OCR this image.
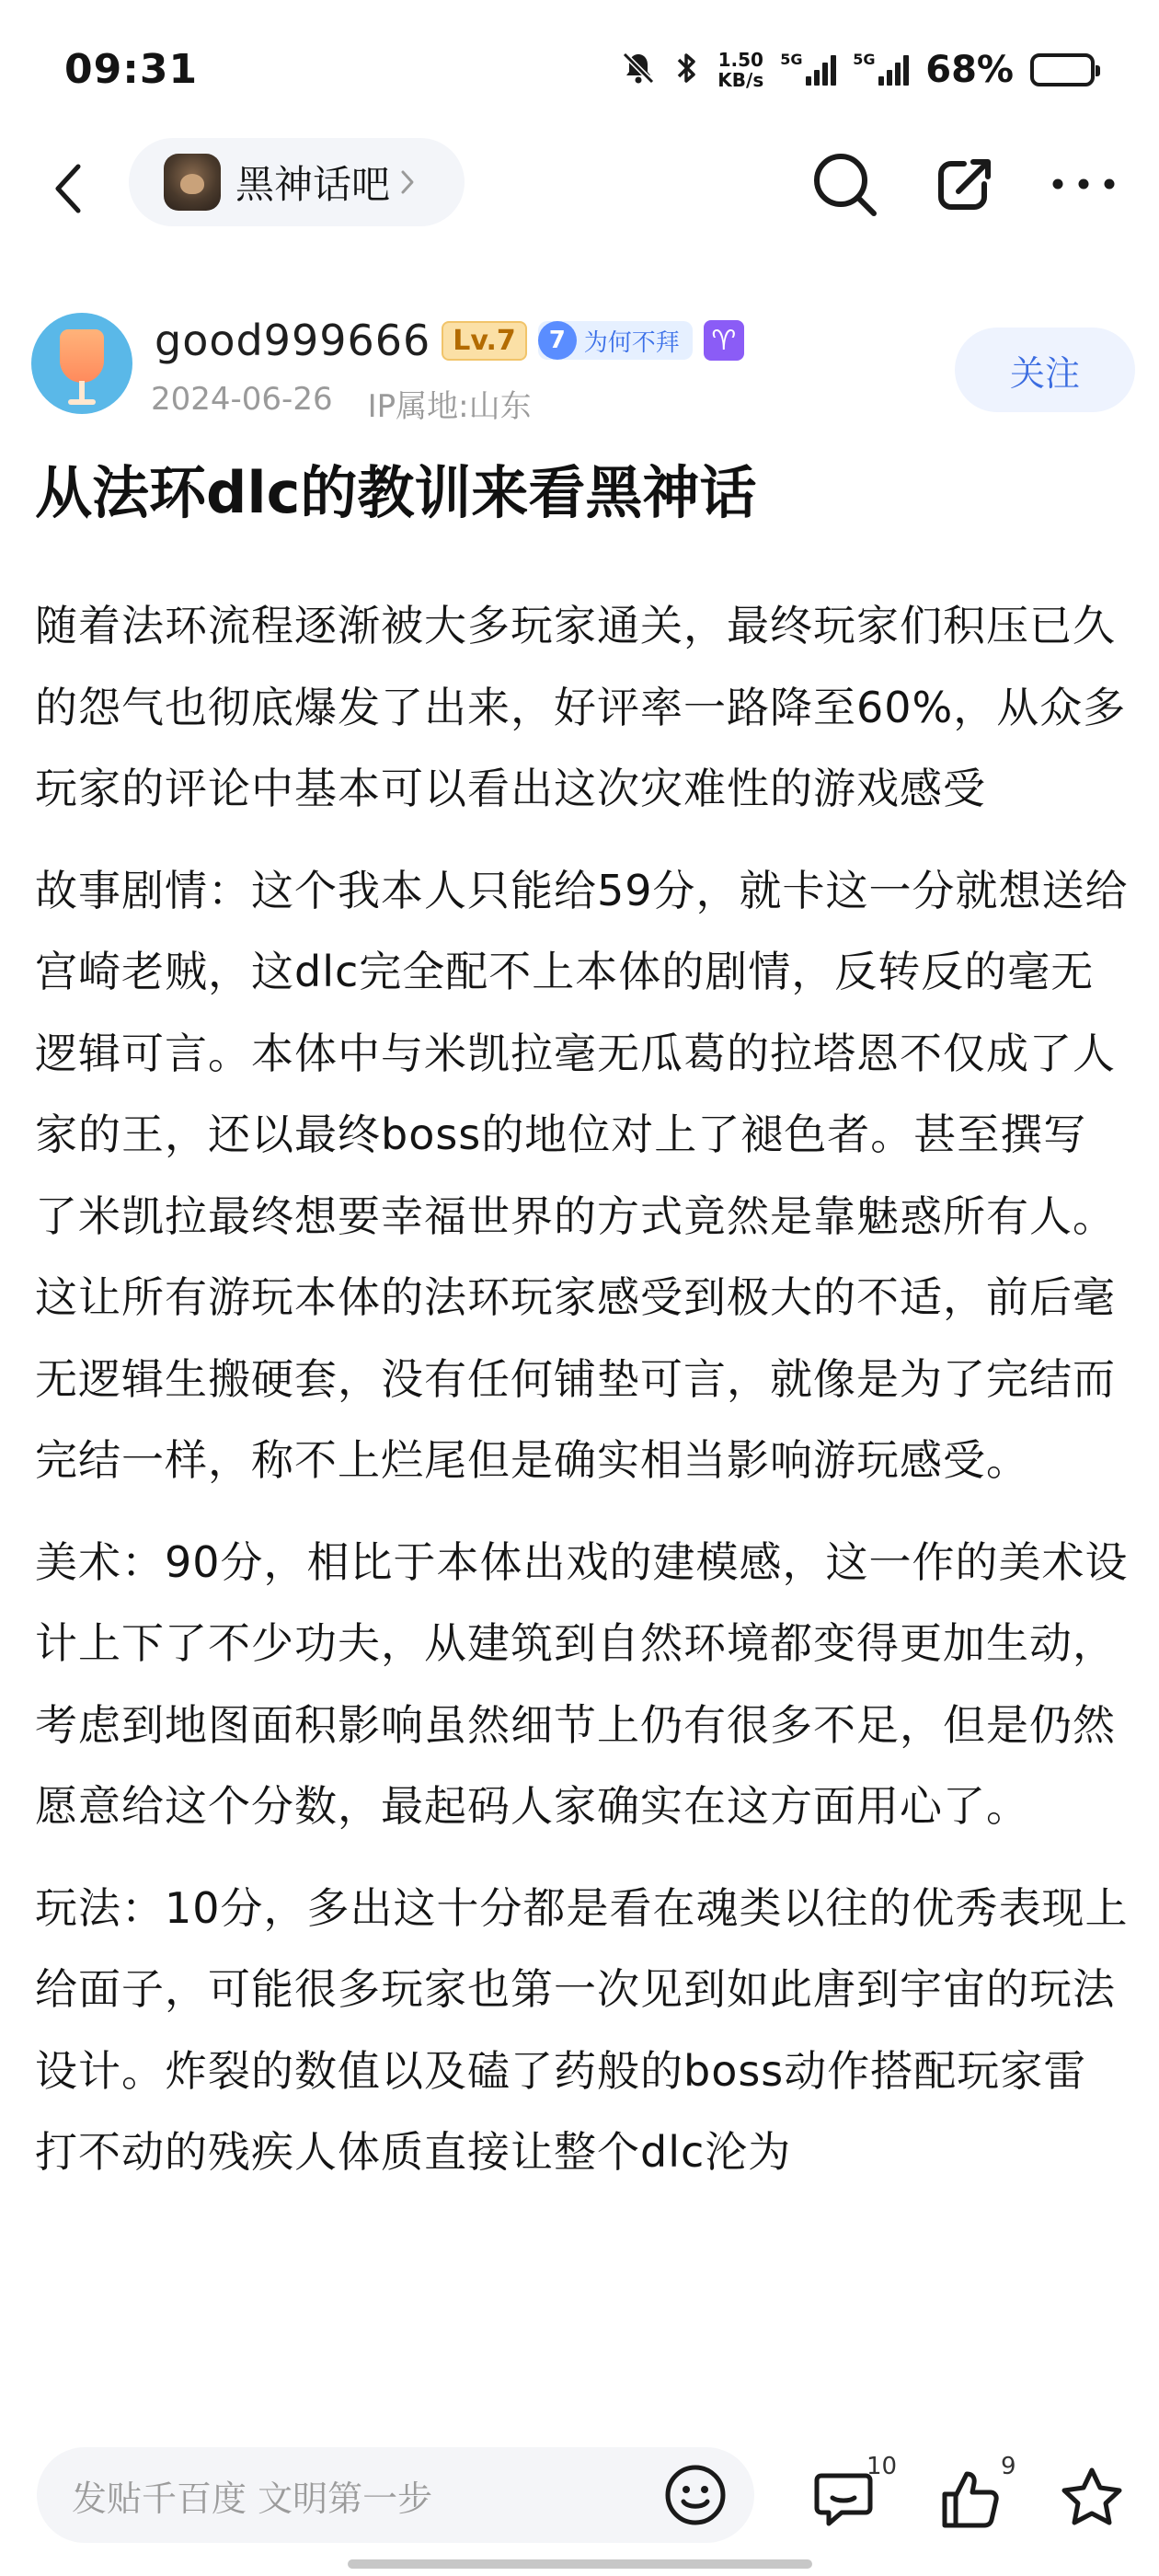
09:31	1.50
KB/s
5G	5G 68%
黑神话吧
good999666 Lv.7	7 为何不拜 ♈
2024-06-26 IP属地:山东
关注
从法环dlc的教训来看黑神话

随着法环流程逐渐被大多玩家通关，最终玩家们积压已久的怨气也彻底爆发了出来，好评率一路降至60%，从众多玩家的评论中基本可以看出这次灾难性的游戏感受

故事剧情：这个我本人只能给59分，就卡这一分就想送给宫崎老贼，这dlc完全配不上本体的剧情，反转反的毫无逻辑可言。本体中与米凯拉毫无瓜葛的拉塔恩不仅成了人家的王，还以最终boss的地位对上了褪色者。甚至撰写了米凯拉最终想要幸福世界的方式竟然是靠魅惑所有人。这让所有游玩本体的法环玩家感受到极大的不适，前后毫无逻辑生搬硬套，没有任何铺垫可言，就像是为了完结而完结一样，称不上烂尾但是确实相当影响游玩感受。

美术：90分，相比于本体出戏的建模感，这一作的美术设计上下了不少功夫，从建筑到自然环境都变得更加生动，考虑到地图面积影响虽然细节上仍有很多不足，但是仍然愿意给这个分数，最起码人家确实在这方面用心了。

玩法：10分，多出这十分都是看在魂类以往的优秀表现上给面子，可能很多玩家也第一次见到如此唐到宇宙的玩法设计。炸裂的数值以及磕了药般的boss动作搭配玩家雷打不动的残疾人体质直接让整个dlc沦为

发贴千百度 文明第一步
10	9
